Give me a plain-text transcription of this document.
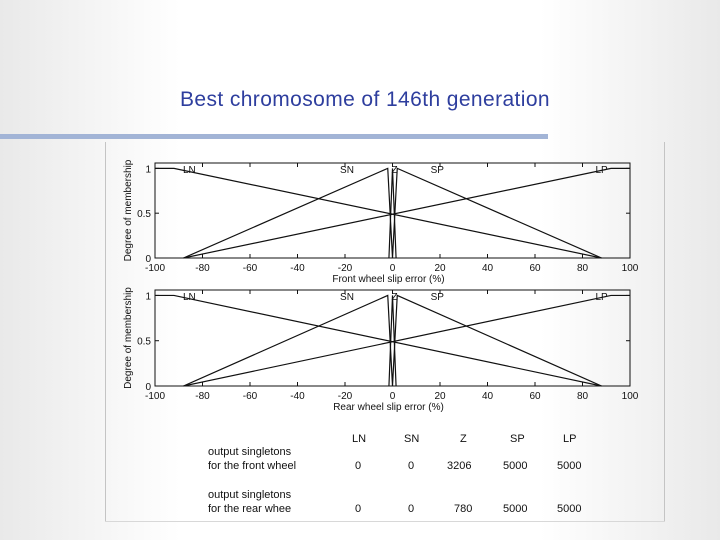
Best chromosome of 146th generation
-100	-80	-60	-40	-20	0	20	40	60	80	100
0
0.5
1
Front wheel slip error (%)
Degree of membership	LN	SN	Z	SP	LP
-100	-80	-60	-40	-20	0	20	40	60	80	100
0
0.5
1
Rear wheel slip error (%)
Degree of membership	LN	SN	Z	SP	LP
LN	SN	Z	SP	LP
output singletons
for the front wheel	0	0	3206	5000	5000
output singletons
for the rear whee	0	0	780	5000	5000
